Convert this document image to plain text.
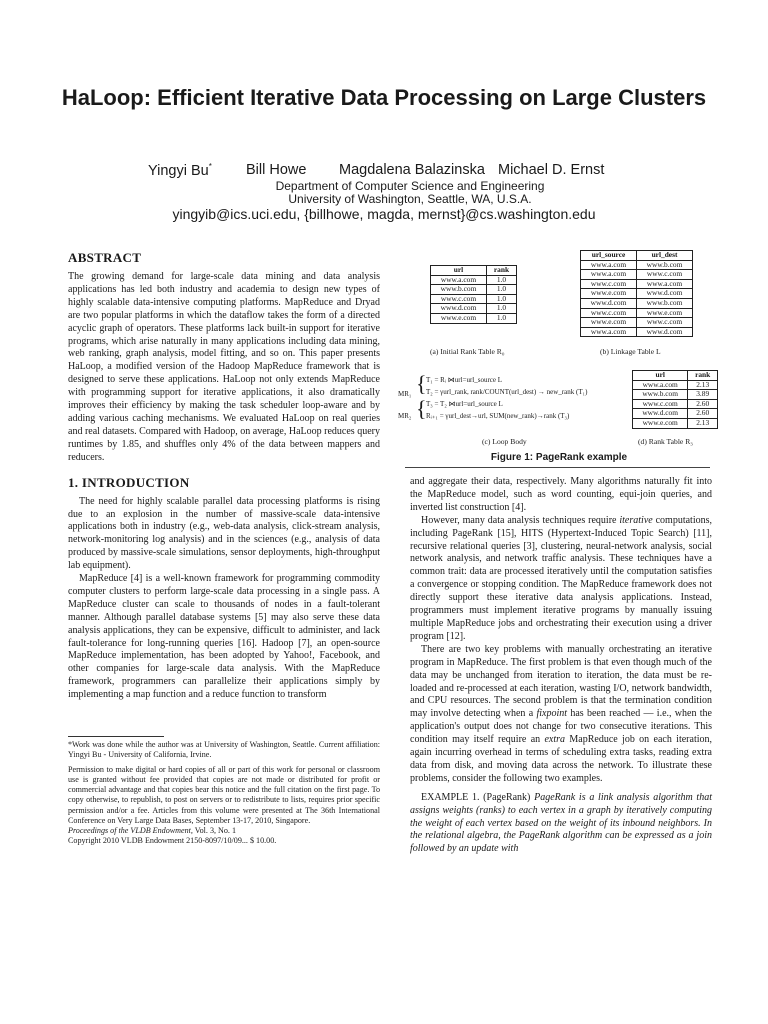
HaLoop: Efficient Iterative Data Processing on Large Clusters
Yingyi Bu* Bill Howe Magdalena Balazinska Michael D. Ernst
Department of Computer Science and Engineering
University of Washington, Seattle, WA, U.S.A.
yingyib@ics.uci.edu, {billhowe, magda, mernst}@cs.washington.edu
ABSTRACT

The growing demand for large-scale data mining and data analysis applications has led both industry and academia to design new types of highly scalable data-intensive computing platforms. MapReduce and Dryad are two popular platforms in which the dataflow takes the form of a directed acyclic graph of operators. These platforms lack built-in support for iterative programs, which arise naturally in many applications including data mining, web ranking, graph analysis, model fitting, and so on. This paper presents HaLoop, a modified version of the Hadoop MapReduce framework that is designed to serve these applications. HaLoop not only extends MapReduce with programming support for iterative applications, it also dramatically improves their efficiency by making the task scheduler loop-aware and by adding various caching mechanisms. We evaluated HaLoop on real queries and real datasets. Compared with Hadoop, on average, HaLoop reduces query runtimes by 1.85, and shuffles only 4% of the data between mappers and reducers.

1. INTRODUCTION

The need for highly scalable parallel data processing platforms is rising due to an explosion in the number of massive-scale data-intensive applications both in industry (e.g., web-data analysis, click-stream analysis, network-monitoring log analysis) and in the sciences (e.g., analysis of data produced by massive-scale simulations, sensor deployments, high-throughput lab equipment).

MapReduce [4] is a well-known framework for programming commodity computer clusters to perform large-scale data processing in a single pass. A MapReduce cluster can scale to thousands of nodes in a fault-tolerant manner. Although parallel database systems [5] may also serve these data analysis applications, they can be expensive, difficult to administer, and lack fault-tolerance for long-running queries [16]. Hadoop [7], an open-source MapReduce implementation, has been adopted by Yahoo!, Facebook, and other companies for large-scale data analysis. With the MapReduce framework, programmers can parallelize their applications simply by implementing a map function and a reduce function to transform

*Work was done while the author was at University of Washington, Seattle. Current affiliation: Yingyi Bu - University of California, Irvine.

Permission to make digital or hard copies of all or part of this work for personal or classroom use is granted without fee provided that copies are not made or distributed for profit or commercial advantage and that copies bear this notice and the full citation on the first page. To copy otherwise, to republish, to post on servers or to redistribute to lists, requires prior specific permission and/or a fee. Articles from this volume were presented at The 36th International Conference on Very Large Data Bases, September 13-17, 2010, Singapore.

Proceedings of the VLDB Endowment, Vol. 3, No. 1

Copyright 2010 VLDB Endowment 2150-8097/10/09... $ 10.00.

url	rank
www.a.com	1.0
www.b.com	1.0
www.c.com	1.0
www.d.com	1.0
www.e.com	1.0
(a) Initial Rank Table R₀
url_source	url_dest
www.a.com	www.b.com
www.a.com	www.c.com
www.c.com	www.a.com
www.e.com	www.d.com
www.d.com	www.b.com
www.c.com	www.e.com
www.e.com	www.c.com
www.a.com	www.d.com
(b) Linkage Table L
MR₁ { T₁ = Rᵢ ⋈url=url_source L
T₂ = γurl_rank, rank/COUNT(url_dest) → new_rank (T₁)
MR₂ { T₃ = T₂ ⋈url=url_source L
Rᵢ₊₁ = γurl_dest→url, SUM(new_rank)→rank (T₃)
(c) Loop Body
url	rank
www.a.com	2.13
www.b.com	3.89
www.c.com	2.60
www.d.com	2.60
www.e.com	2.13
(d) Rank Table R₃
Figure 1: PageRank example

and aggregate their data, respectively. Many algorithms naturally fit into the MapReduce model, such as word counting, equi-join queries, and inverted list construction [4].

However, many data analysis techniques require iterative computations, including PageRank [15], HITS (Hypertext-Induced Topic Search) [11], recursive relational queries [3], clustering, neural-network analysis, social network analysis, and network traffic analysis. These techniques have a common trait: data are processed iteratively until the computation satisfies a convergence or stopping condition. The MapReduce framework does not directly support these iterative data analysis applications. Instead, programmers must implement iterative programs by manually issuing multiple MapReduce jobs and orchestrating their execution using a driver program [12].

There are two key problems with manually orchestrating an iterative program in MapReduce. The first problem is that even though much of the data may be unchanged from iteration to iteration, the data must be re-loaded and re-processed at each iteration, wasting I/O, network bandwidth, and CPU resources. The second problem is that the termination condition may involve detecting when a fixpoint has been reached — i.e., when the application's output does not change for two consecutive iterations. This condition may itself require an extra MapReduce job on each iteration, again incurring overhead in terms of scheduling extra tasks, reading extra data from disk, and moving data across the network. To illustrate these problems, consider the following two examples.

EXAMPLE 1. (PageRank) PageRank is a link analysis algorithm that assigns weights (ranks) to each vertex in a graph by iteratively computing the weight of each vertex based on the weight of its inbound neighbors. In the relational algebra, the PageRank algorithm can be expressed as a join followed by an update with
